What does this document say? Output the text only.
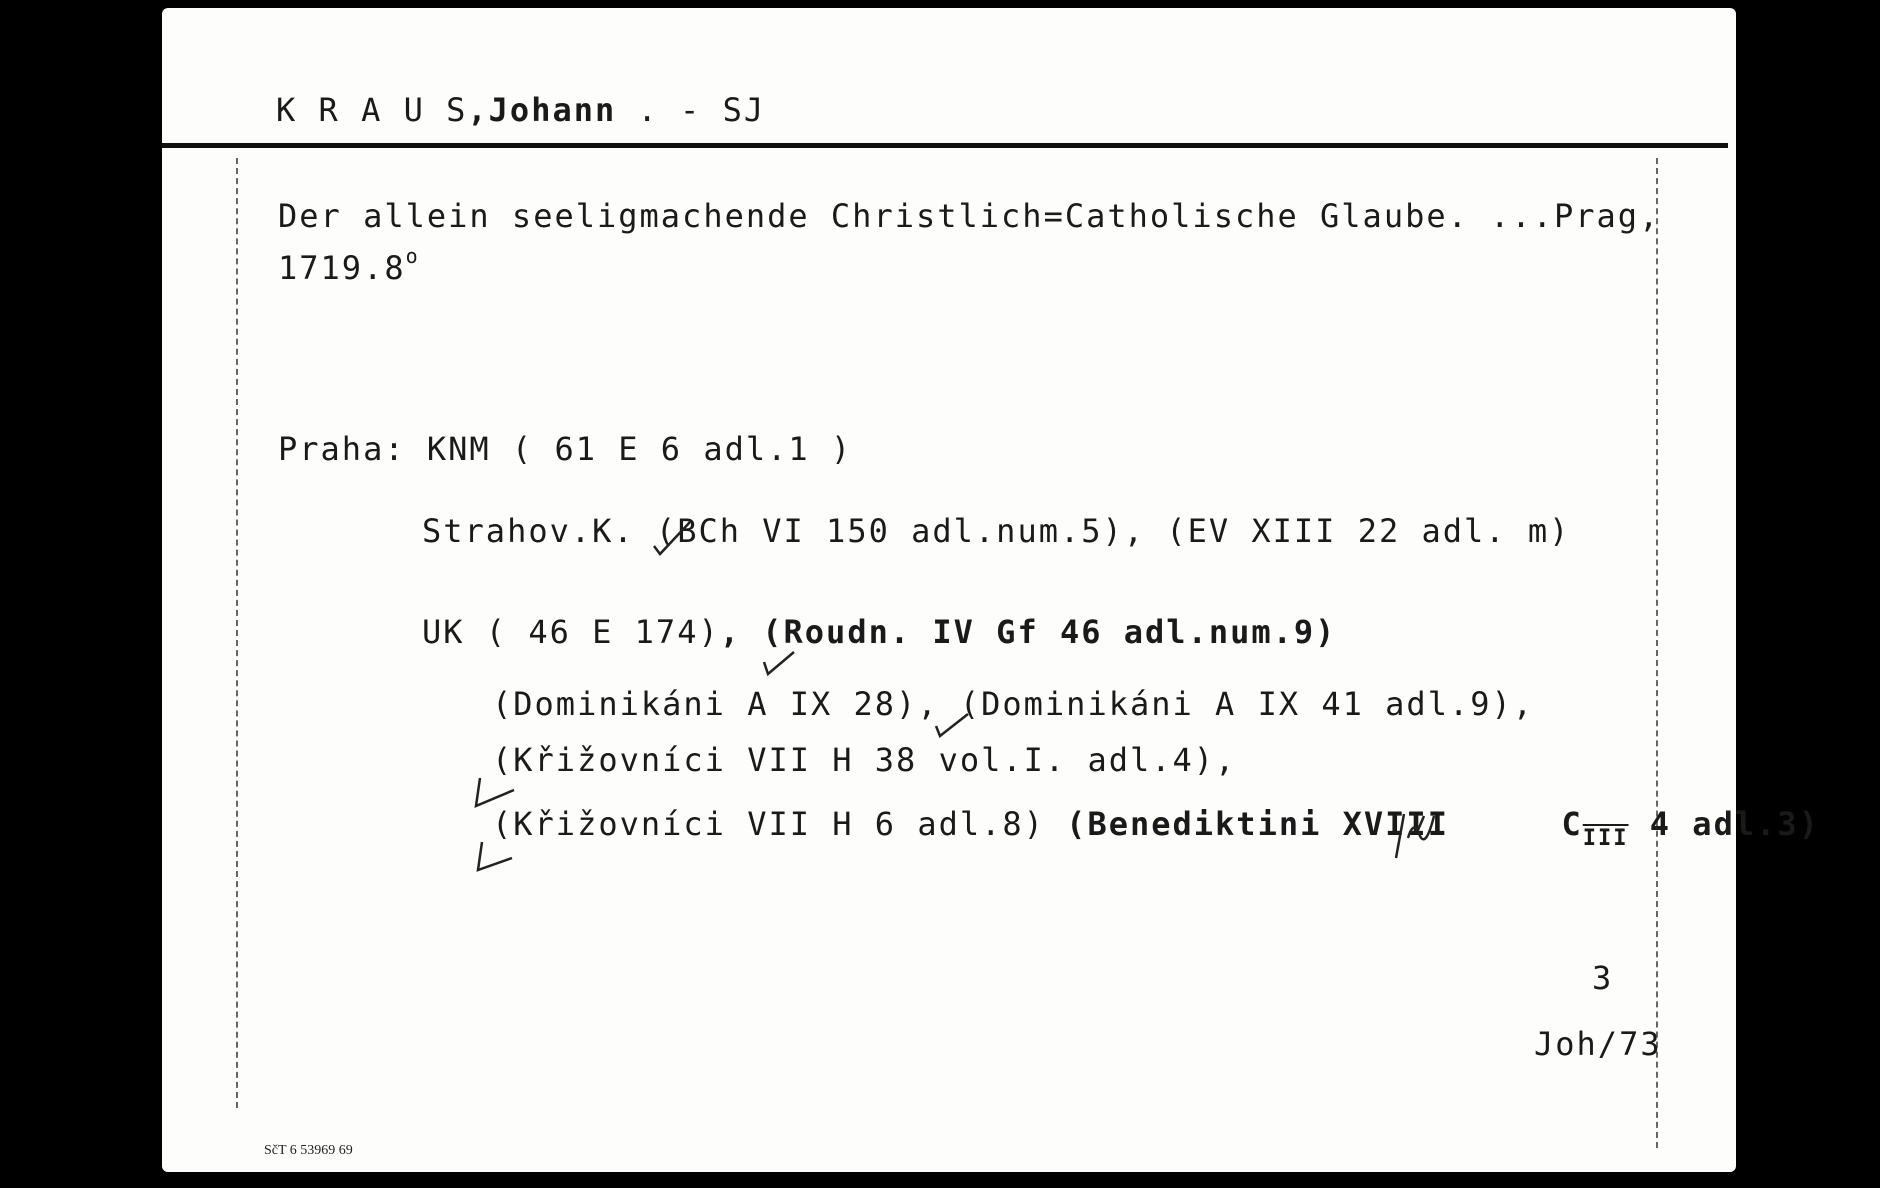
K R A U S,Johann . - SJ
Der allein seeligmachende Christlich=Catholische Glaube. ...Prag,
1719.8$^o$
Praha: KNM ( 61 E 6 adl.1 )
Strahov.K. (BCh VI 150 adl.num.5), (EV XIII 22 adl. m)
UK ( 46 E 174), (Roudn. IV Gf 46 adl.num.9)
(Dominikáni A IX 28), (Dominikáni A IX 41 adl.9),
(Křižovníci VII H 38 vol.I. adl.4),
(Křižovníci VII H 6 adl.8) (Benediktini XVIII	$C_{\overline{III}}$ 4 adl.3)
3
Joh/73
SčT 6 53969 69
